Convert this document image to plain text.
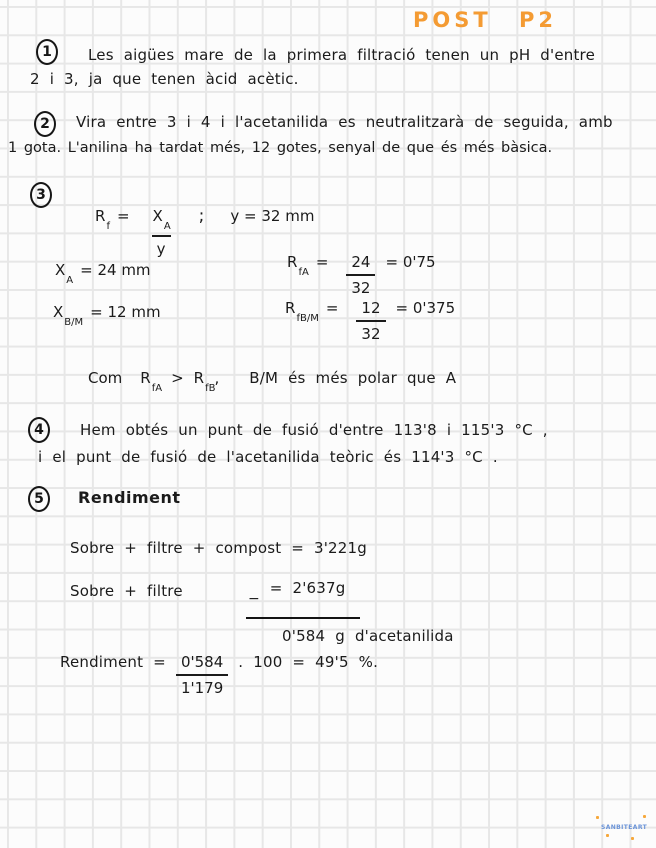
POST P2
1 Les aigües mare de la primera filtració tenen un pH d'entre
2 i 3, ja que tenen àcid acètic.
2 Vira entre 3 i 4 i l'acetanilida es neutralitzarà de seguida, amb
1 gota. L'anilina ha tardat més, 12 gotes, senyal de que és més bàsica.
3
$R_f$
= $\frac{X_A}{y}$ ; y = 32 mm
$X_A$
= 24 mm	$R_{fA}$
= $\frac{24}{32} = 0'75$
$X_{B/M}$
= 12 mm	$R_{fB/M}$
= $\frac{12}{32} = 0'375$
Com $R_{fA}$
> $R_{fB}$
, B/M és més polar que A
4 Hem obtés un punt de fusió d'entre 113'8 i 115'3 °C ,
i el punt de fusió de l'acetanilida teòric és 114'3 °C .
5 Rendiment
Sobre + filtre + compost = 3'221g
Sobre + filtre	−
= 2'637g
0'584 g d'acetanilida
Rendiment = $\frac{0'584}{1'179}$ . 100 = 49'5 %.
SANBITEART
